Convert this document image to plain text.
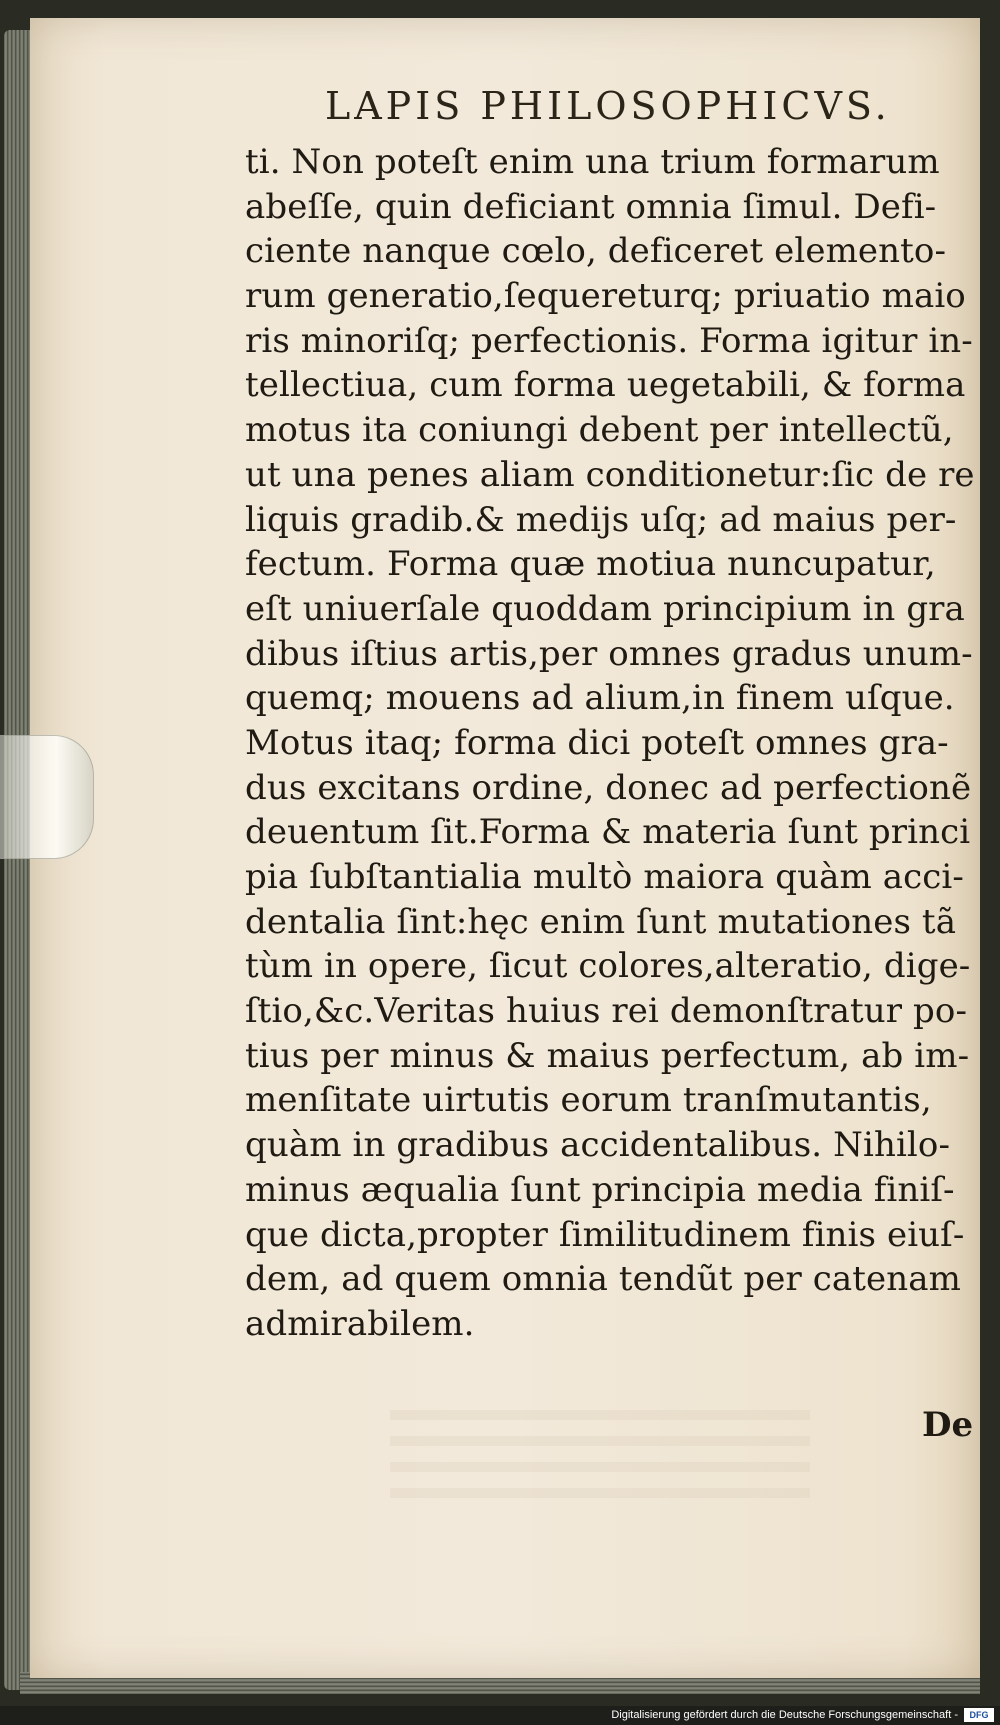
LAPIS PHILOSOPHICVS.
ti. Non poteſt enim una trium formarum
abeſſe, quin deficiant omnia ſimul. Defi-
ciente nanque cœlo, deficeret elemento-
rum generatio,ſequereturq; priuatio maio
ris minoriſq; perfectionis. Forma igitur in-
tellectiua, cum forma uegetabili, & forma
motus ita coniungi debent per intellectũ,
ut una penes aliam conditionetur:ſic de re
liquis gradib.& medijs uſq; ad maius per-
fectum. Forma quæ motiua nuncupatur,
eſt uniuerſale quoddam principium in gra
dibus iſtius artis,per omnes gradus unum-
quemq; mouens ad alium,in finem uſque.
Motus itaq; forma dici poteſt omnes gra-
dus excitans ordine, donec ad perfectionẽ
deuentum ſit.Forma & materia ſunt princi
pia ſubſtantialia multò maiora quàm acci-
dentalia ſint:hęc enim ſunt mutationes tã
tùm in opere, ſicut colores,alteratio, dige-
ſtio,&c.Veritas huius rei demonſtratur po-
tius per minus & maius perfectum, ab im-
menſitate uirtutis eorum tranſmutantis,
quàm in gradibus accidentalibus. Nihilo-
minus æqualia ſunt principia media finiſ-
que dicta,propter ſimilitudinem finis eiuſ-
dem, ad quem omnia tendũt per catenam
admirabilem.
De
Digitalisierung gefördert durch die Deutsche Forschungsgemeinschaft -	DFG
